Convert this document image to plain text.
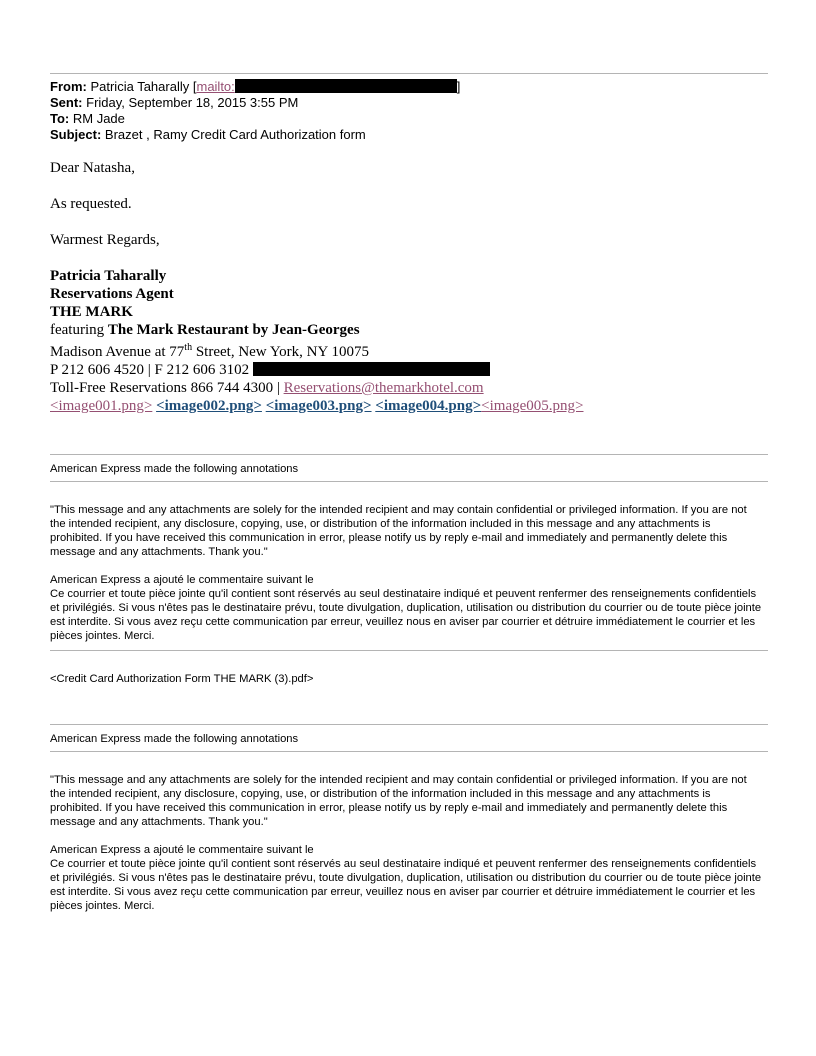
From: Patricia Taharally [mailto:	]
Sent: Friday, September 18, 2015 3:55 PM
To: RM Jade
Subject: Brazet , Ramy Credit Card Authorization form
Dear Natasha,
As requested.
Warmest Regards,
Patricia Taharally
Reservations Agent
THE MARK
featuring The Mark Restaurant by Jean-Georges
Madison Avenue at 77th Street, New York, NY 10075
P 212 606 4520 | F 212 606 3102
Toll-Free Reservations 866 744 4300 | Reservations@themarkhotel.com
<image001.png> <image002.png> <image003.png> <image004.png><image005.png>
American Express made the following annotations
"This message and any attachments are solely for the intended recipient and may contain confidential or privileged information. If you are not the intended recipient, any disclosure, copying, use, or distribution of the information included in this message and any attachments is prohibited. If you have received this communication in error, please notify us by reply e-mail and immediately and permanently delete this message and any attachments. Thank you."
American Express a ajouté le commentaire suivant le
Ce courrier et toute pièce jointe qu'il contient sont réservés au seul destinataire indiqué et peuvent renfermer des renseignements confidentiels et privilégiés. Si vous n'êtes pas le destinataire prévu, toute divulgation, duplication, utilisation ou distribution du courrier ou de toute pièce jointe est interdite. Si vous avez reçu cette communication par erreur, veuillez nous en aviser par courrier et détruire immédiatement le courrier et les pièces jointes. Merci.
<Credit Card Authorization Form THE MARK (3).pdf>
American Express made the following annotations
"This message and any attachments are solely for the intended recipient and may contain confidential or privileged information. If you are not the intended recipient, any disclosure, copying, use, or distribution of the information included in this message and any attachments is prohibited. If you have received this communication in error, please notify us by reply e-mail and immediately and permanently delete this message and any attachments. Thank you."
American Express a ajouté le commentaire suivant le
Ce courrier et toute pièce jointe qu'il contient sont réservés au seul destinataire indiqué et peuvent renfermer des renseignements confidentiels et privilégiés. Si vous n'êtes pas le destinataire prévu, toute divulgation, duplication, utilisation ou distribution du courrier ou de toute pièce jointe est interdite. Si vous avez reçu cette communication par erreur, veuillez nous en aviser par courrier et détruire immédiatement le courrier et les pièces jointes. Merci.
